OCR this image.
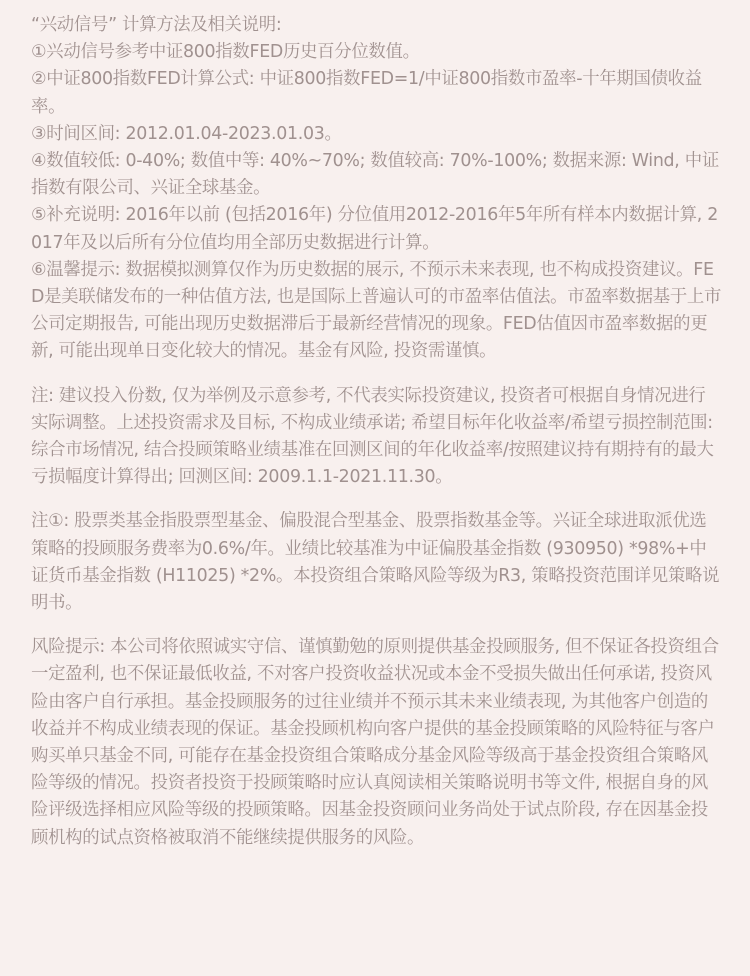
“兴动信号” 计算方法及相关说明:

①兴动信号参考中证800指数FED历史百分位数值。

②中证800指数FED计算公式: 中证800指数FED=1/中证800指数市盈率-十年期国债收益率。

③时间区间: 2012.01.04-2023.01.03。

④数值较低: 0-40%; 数值中等: 40%~70%; 数值较高: 70%-100%; 数据来源: Wind, 中证指数有限公司、兴证全球基金。

⑤补充说明: 2016年以前 (包括2016年) 分位值用2012-2016年5年所有样本内数据计算, 2017年及以后所有分位值均用全部历史数据进行计算。

⑥温馨提示: 数据模拟测算仅作为历史数据的展示, 不预示未来表现, 也不构成投资建议。FED是美联储发布的一种估值方法, 也是国际上普遍认可的市盈率估值法。市盈率数据基于上市公司定期报告, 可能出现历史数据滞后于最新经营情况的现象。FED估值因市盈率数据的更新, 可能出现单日变化较大的情况。基金有风险, 投资需谨慎。

注: 建议投入份数, 仅为举例及示意参考, 不代表实际投资建议, 投资者可根据自身情况进行实际调整。上述投资需求及目标, 不构成业绩承诺; 希望目标年化收益率/希望亏损控制范围: 综合市场情况, 结合投顾策略业绩基准在回测区间的年化收益率/按照建议持有期持有的最大亏损幅度计算得出; 回测区间: 2009.1.1-2021.11.30。

注①: 股票类基金指股票型基金、偏股混合型基金、股票指数基金等。兴证全球进取派优选策略的投顾服务费率为0.6%/年。业绩比较基准为中证偏股基金指数 (930950) *98%+中证货币基金指数 (H11025) *2%。本投资组合策略风险等级为R3, 策略投资范围详见策略说明书。

风险提示: 本公司将依照诚实守信、谨慎勤勉的原则提供基金投顾服务, 但不保证各投资组合一定盈利, 也不保证最低收益, 不对客户投资收益状况或本金不受损失做出任何承诺, 投资风险由客户自行承担。基金投顾服务的过往业绩并不预示其未来业绩表现, 为其他客户创造的收益并不构成业绩表现的保证。基金投顾机构向客户提供的基金投顾策略的风险特征与客户购买单只基金不同, 可能存在基金投资组合策略成分基金风险等级高于基金投资组合策略风险等级的情况。投资者投资于投顾策略时应认真阅读相关策略说明书等文件, 根据自身的风险评级选择相应风险等级的投顾策略。因基金投资顾问业务尚处于试点阶段, 存在因基金投顾机构的试点资格被取消不能继续提供服务的风险。
